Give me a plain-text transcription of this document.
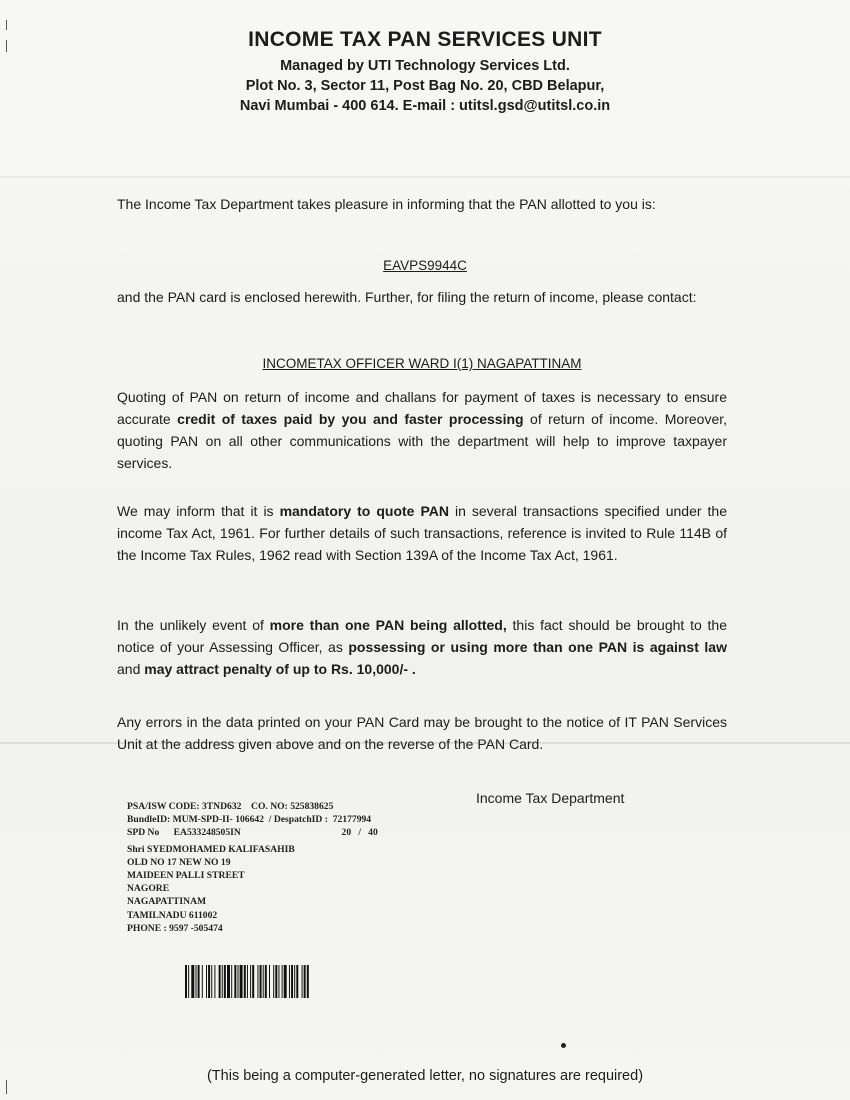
INCOME TAX PAN SERVICES UNIT
Managed by UTI Technology Services Ltd.
Plot No. 3, Sector 11, Post Bag No. 20, CBD Belapur,
Navi Mumbai - 400 614. E-mail : utitsl.gsd@utitsl.co.in
The Income Tax Department takes pleasure in informing that the PAN allotted to you is:
EAVPS9944C
and the PAN card is enclosed herewith. Further, for filing the return of income, please contact:
INCOMETAX OFFICER WARD I(1) NAGAPATTINAM
Quoting of PAN on return of income and challans for payment of taxes is necessary to ensure accurate credit of taxes paid by you and faster processing of return of income. Moreover, quoting PAN on all other communications with the department will help to improve taxpayer services.
We may inform that it is mandatory to quote PAN in several transactions specified under the income Tax Act, 1961. For further details of such transactions, reference is invited to Rule 114B of the Income Tax Rules, 1962 read with Section 139A of the Income Tax Act, 1961.
In the unlikely event of more than one PAN being allotted, this fact should be brought to the notice of your Assessing Officer, as possessing or using more than one PAN is against law and may attract penalty of up to Rs. 10,000/- .
Any errors in the data printed on your PAN Card may be brought to the notice of IT PAN Services Unit at the address given above and on the reverse of the PAN Card.
Income Tax Department
PSA/ISW CODE: 3TND632    CO. NO: 525838625
BundleID: MUM-SPD-II- 106642  / DespatchID :  72177994
SPD No      EA533248505IN                                          20   /   40
Shri SYEDMOHAMED KALIFASAHIB
OLD NO 17 NEW NO 19
MAIDEEN PALLI STREET
NAGORE
NAGAPATTINAM
TAMILNADU 611002
PHONE : 9597 -505474
(This being a computer-generated letter, no signatures are required)
